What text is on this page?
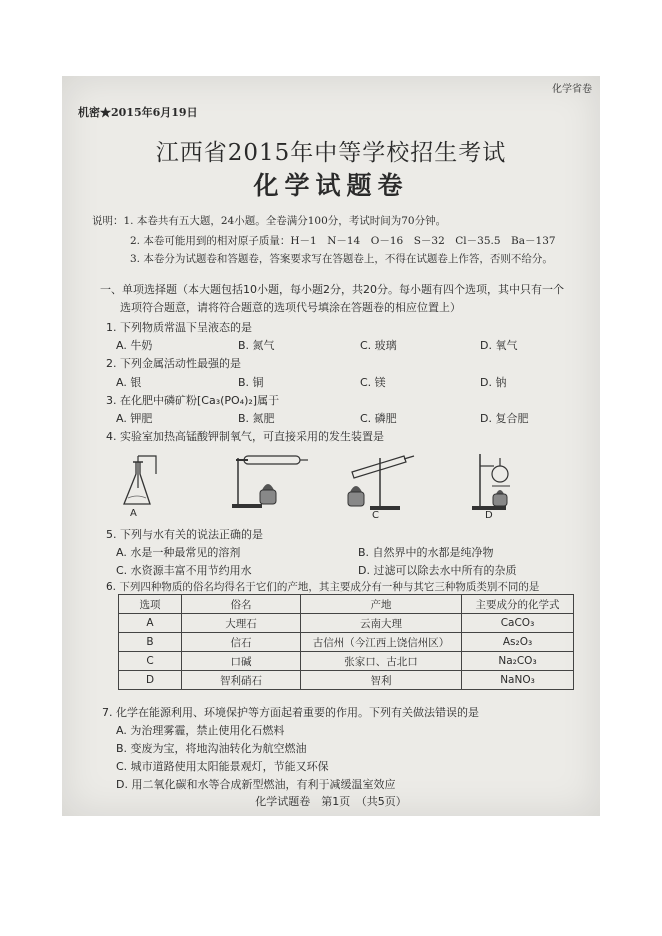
化学省卷
机密★2015年6月19日
江西省2015年中等学校招生考试
化学试题卷
说明：1. 本卷共有五大题，24小题。全卷满分100分，考试时间为70分钟。
2. 本卷可能用到的相对原子质量：H－1　N－14　O－16　S－32　Cl－35.5　Ba－137
3. 本卷分为试题卷和答题卷，答案要求写在答题卷上，不得在试题卷上作答，否则不给分。
一、单项选择题（本大题包括10小题，每小题2分，共20分。每小题有四个选项，其中只有一个
选项符合题意，请将符合题意的选项代号填涂在答题卷的相应位置上）
1. 下列物质常温下呈液态的是
A. 牛奶	B. 氮气	C. 玻璃	D. 氧气
2. 下列金属活动性最强的是
A. 银	B. 铜	C. 镁	D. 钠
3. 在化肥中磷矿粉[Ca₃(PO₄)₂]属于
A. 钾肥	B. 氮肥	C. 磷肥	D. 复合肥
4. 实验室加热高锰酸钾制氧气，可直接采用的发生装置是
A	C	D
5. 下列与水有关的说法正确的是
A. 水是一种最常见的溶剂	B. 自然界中的水都是纯净物
C. 水资源丰富不用节约用水	D. 过滤可以除去水中所有的杂质
6. 下列四种物质的俗名均得名于它们的产地，其主要成分有一种与其它三种物质类别不同的是
选项	俗名	产地	主要成分的化学式
A	大理石	云南大理	CaCO₃
B	信石	古信州（今江西上饶信州区）	As₂O₃
C	口碱	张家口、古北口	Na₂CO₃
D	智利硝石	智利	NaNO₃
7. 化学在能源利用、环境保护等方面起着重要的作用。下列有关做法错误的是
A. 为治理雾霾，禁止使用化石燃料
B. 变废为宝，将地沟油转化为航空燃油
C. 城市道路使用太阳能景观灯，节能又环保
D. 用二氧化碳和水等合成新型燃油，有利于减缓温室效应
化学试题卷　第1页　（共5页）
